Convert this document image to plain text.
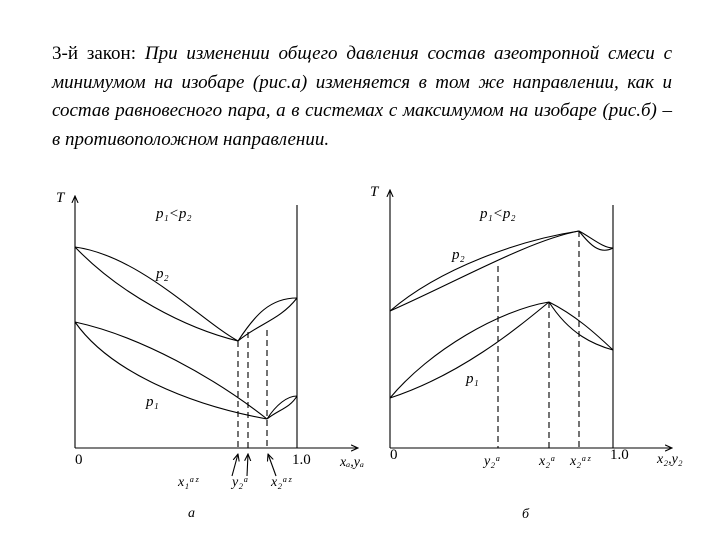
3-й закон: При изменении общего давления состав азеотропной смеси с минимумом на изобаре (рис.а) изменяется в том же направлении, как и состав равновесного пара, а в системах с максимумом на изобаре (рис.б) – в противоположном направлении.

T
p₁<p₂
p₂
p₁
0	1.0 xₐ,yₐ
x₁ᵃᶻ y₂ᵃ x₂ᵃᶻ
а
T
p₁<p₂
p₂
p₁
0	1.0 x₂,y₂
y₂ᵃ	x₂ᵃ x₂ᵃᶻ
б
